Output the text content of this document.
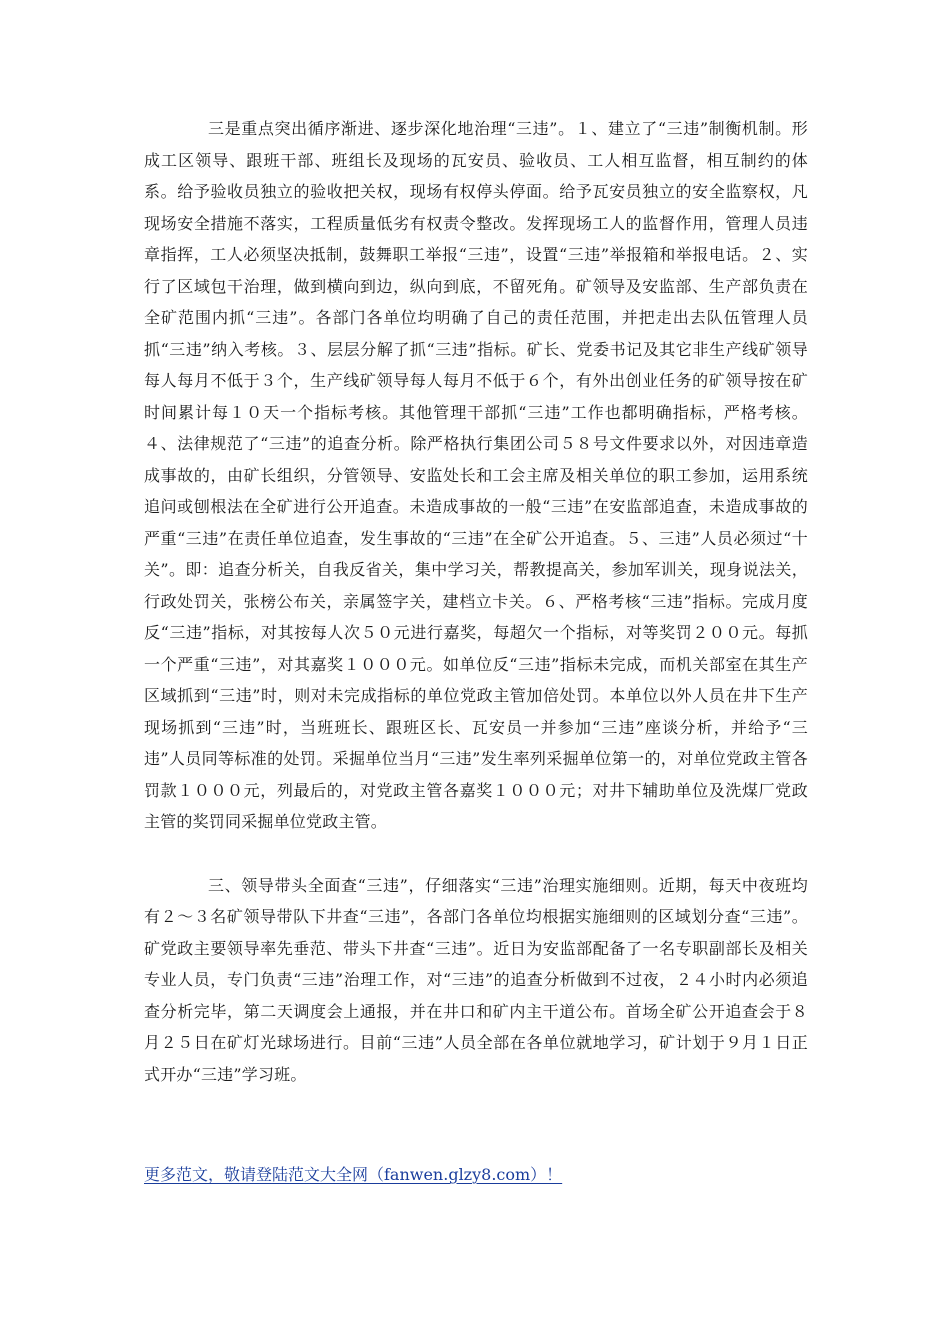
三是重点突出循序渐进、逐步深化地治理“三违”。１、建立了“三违”制衡机制。形成工区领导、跟班干部、班组长及现场的瓦安员、验收员、工人相互监督，相互制约的体系。给予验收员独立的验收把关权，现场有权停头停面。给予瓦安员独立的安全监察权，凡现场安全措施不落实，工程质量低劣有权责令整改。发挥现场工人的监督作用，管理人员违章指挥，工人必须坚决抵制，鼓舞职工举报“三违”，设置“三违”举报箱和举报电话。２、实行了区域包干治理，做到横向到边，纵向到底，不留死角。矿领导及安监部、生产部负责在全矿范围内抓“三违”。各部门各单位均明确了自己的责任范围，并把走出去队伍管理人员抓“三违”纳入考核。３、层层分解了抓“三违”指标。矿长、党委书记及其它非生产线矿领导每人每月不低于３个，生产线矿领导每人每月不低于６个，有外出创业任务的矿领导按在矿时间累计每１０天一个指标考核。其他管理干部抓“三违”工作也都明确指标，严格考核。４、法律规范了“三违”的追查分析。除严格执行集团公司５８号文件要求以外，对因违章造成事故的，由矿长组织，分管领导、安监处长和工会主席及相关单位的职工参加，运用系统追问或刨根法在全矿进行公开追查。未造成事故的一般“三违”在安监部追查，未造成事故的严重“三违”在责任单位追查，发生事故的“三违”在全矿公开追查。５、三违”人员必须过“十关”。即：追查分析关，自我反省关，集中学习关，帮教提高关，参加军训关，现身说法关，行政处罚关，张榜公布关，亲属签字关，建档立卡关。６、严格考核“三违”指标。完成月度反“三违”指标，对其按每人次５０元进行嘉奖，每超欠一个指标，对等奖罚２００元。每抓一个严重“三违”，对其嘉奖１０００元。如单位反“三违”指标未完成，而机关部室在其生产区域抓到“三违”时，则对未完成指标的单位党政主管加倍处罚。本单位以外人员在井下生产现场抓到“三违”时，当班班长、跟班区长、瓦安员一并参加“三违”座谈分析，并给予“三违”人员同等标准的处罚。采掘单位当月“三违”发生率列采掘单位第一的，对单位党政主管各罚款１０００元，列最后的，对党政主管各嘉奖１０００元；对井下辅助单位及洗煤厂党政主管的奖罚同采掘单位党政主管。

三、领导带头全面查“三违”，仔细落实“三违”治理实施细则。近期，每天中夜班均有２～３名矿领导带队下井查“三违”，各部门各单位均根据实施细则的区域划分查“三违”。矿党政主要领导率先垂范、带头下井查“三违”。近日为安监部配备了一名专职副部长及相关专业人员，专门负责“三违”治理工作，对“三违”的追查分析做到不过夜，２４小时内必须追查分析完毕，第二天调度会上通报，并在井口和矿内主干道公布。首场全矿公开追查会于８月２５日在矿灯光球场进行。目前“三违”人员全部在各单位就地学习，矿计划于９月１日正式开办“三违”学习班。

更多范文，敬请登陆范文大全网（fanwen.glzy8.com）！
